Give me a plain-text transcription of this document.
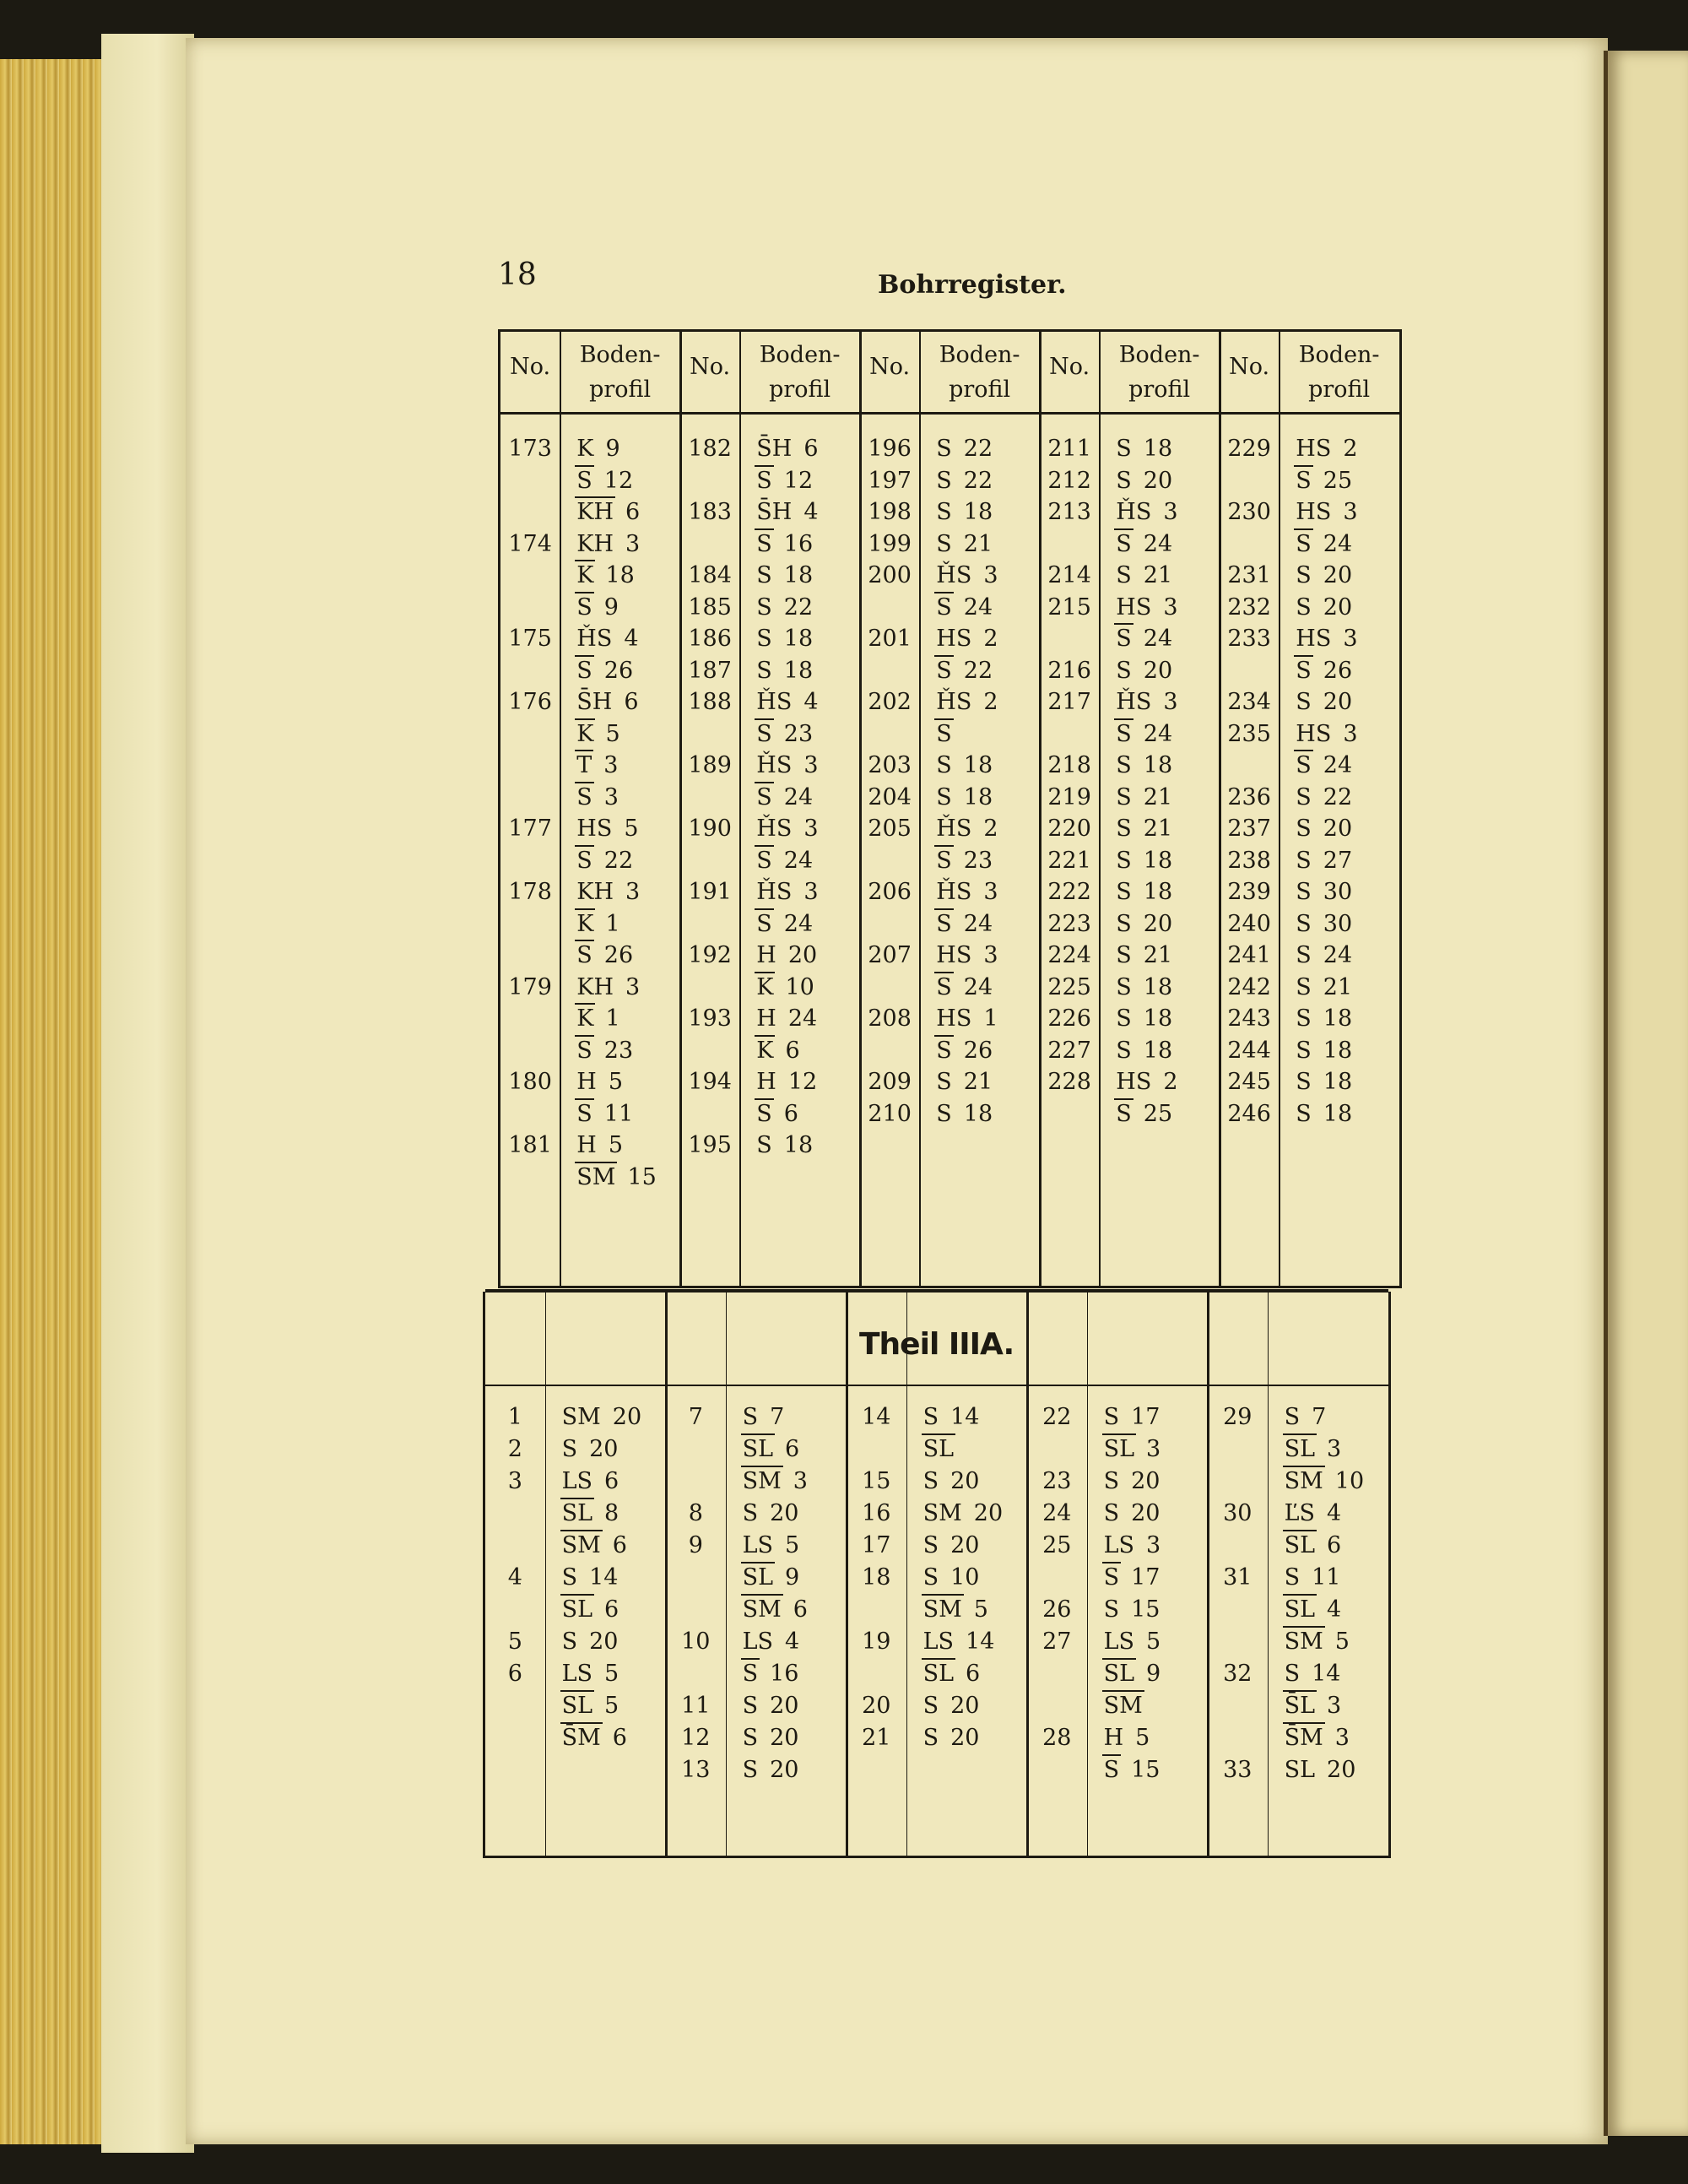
18	Bohrregister.
No.	Boden-
profil
No.	Boden-
profil
No.	Boden-
profil
No.	Boden-
profil
No.	Boden-
profil
173	K 9
S 12
KH 6
174	KH 3
K 18
S 9
175	ȞS 4
S 26
176	S̄H 6
K 5
T 3
S 3
177	HS 5
S 22
178	KH 3
K 1
S 26
179	KH 3
K 1
S 23
180	H 5
S 11
181	H 5
SM 15
182	S̄H 6
S 12
183	S̄H 4
S 16
184	S 18
185	S 22
186	S 18
187	S 18
188	ȞS 4
S 23
189	ȞS 3
S 24
190	ȞS 3
S 24
191	ȞS 3
S 24
192	H 20
K 10
193	H 24
K 6
194	H 12
S 6
195	S 18
196	S 22
197	S 22
198	S 18
199	S 21
200	ȞS 3
S 24
201	HS 2
S 22
202	ȞS 2
S
203	S 18
204	S 18
205	ȞS 2
S 23
206	ȞS 3
S 24
207	HS 3
S 24
208	HS 1
S 26
209	S 21
210	S 18
211	S 18
212	S 20
213	ȞS 3
S 24
214	S 21
215	HS 3
S 24
216	S 20
217	ȞS 3
S 24
218	S 18
219	S 21
220	S 21
221	S 18
222	S 18
223	S 20
224	S 21
225	S 18
226	S 18
227	S 18
228	HS 2
S 25
229	HS 2
S 25
230	HS 3
S 24
231	S 20
232	S 20
233	HS 3
S 26
234	S 20
235	HS 3
S 24
236	S 22
237	S 20
238	S 27
239	S 30
240	S 30
241	S 24
242	S 21
243	S 18
244	S 18
245	S 18
246	S 18
1	SM 20
2	S 20
3	LS 6
SL 8
SM 6
4	S 14
SL 6
5	S 20
6	LS 5
SL 5
S̄M 6
7	S 7
SL 6
SM 3
8	S 20
9	LS 5
SL 9
SM 6
10	LS 4
S 16
11	S 20
12	S 20
13	S 20
14	S 14
SL
15	S 20
16	SM 20
17	S 20
18	S 10
SM 5
19	LS 14
SL 6
20	S 20
21	S 20
22	S 17
SL 3
23	S 20
24	S 20
25	LS 3
S 17
26	S 15
27	LS 5
SL 9
SM
28	H 5
S 15
29	S 7
SL 3
SM 10
30	ĽS 4
SL 6
31	S 11
SL 4
SM 5
32	S 14
S̄L 3
S̄M 3
33	SL 20
Theil IIIA.
